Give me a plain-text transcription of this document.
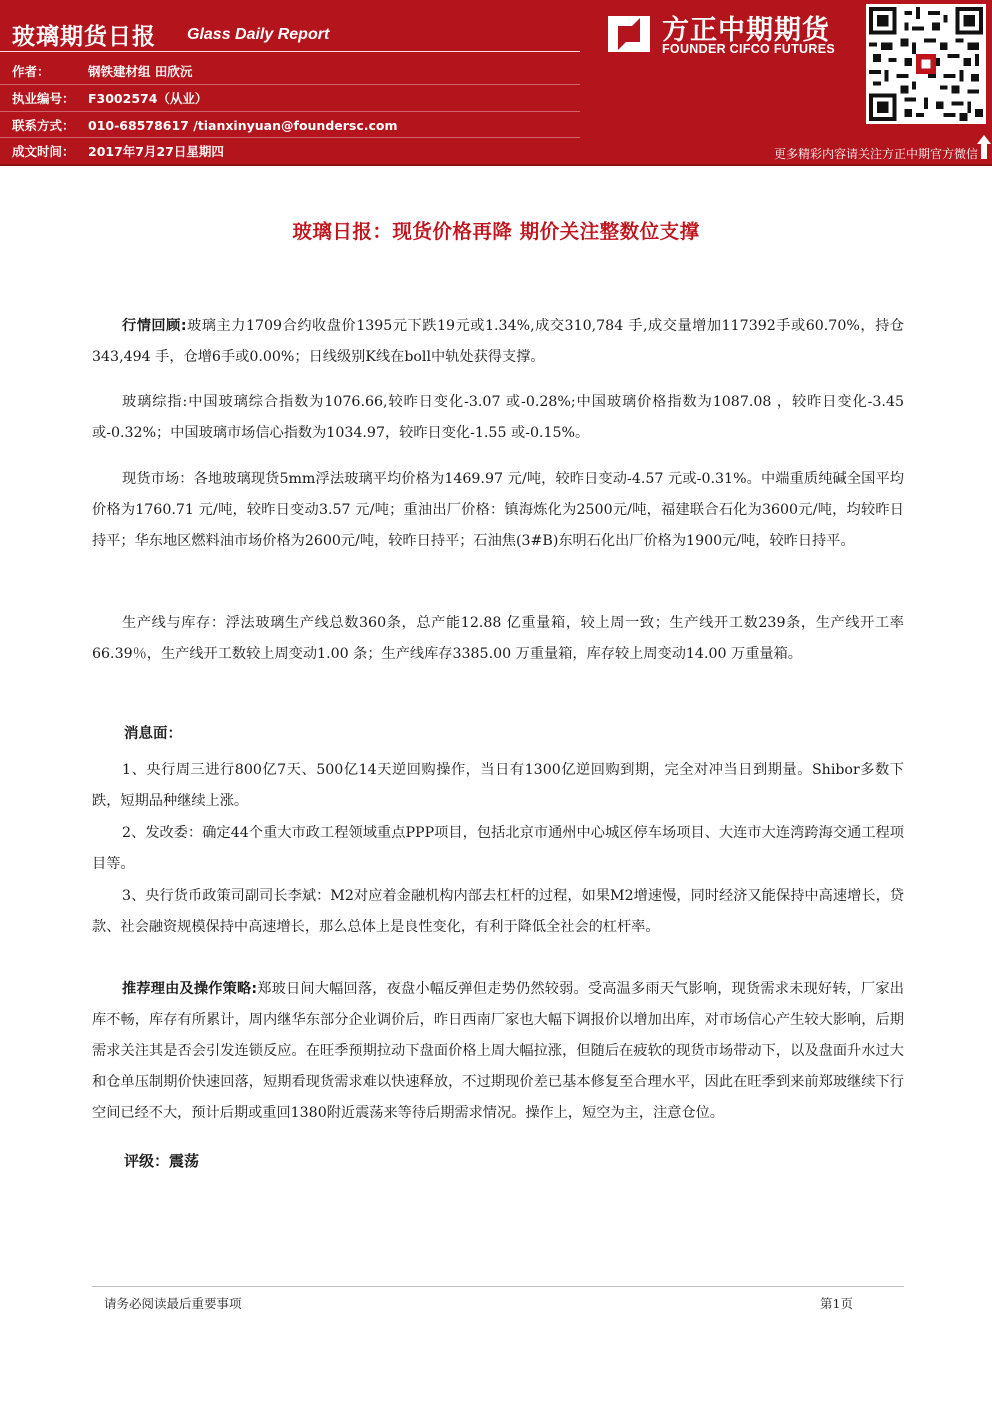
玻璃期货日报 Glass Daily Report
作者：	钢铁建材组 田欣沅
执业编号： F3002574（从业）
联系方式： 010-68578617 /tianxinyuan@foundersc.com
成文时间： 2017年7月27日星期四
方正中期期货
FOUNDER CIFCO FUTURES
更多精彩内容请关注方正中期官方微信
玻璃日报：现货价格再降 期价关注整数位支撑
行情回顾:玻璃主力1709合约收盘价1395元下跌19元或1.34%,成交310,784 手,成交量增加117392手或60.70%，持仓343,494 手，仓增6手或0.00%；日线级别K线在boll中轨处获得支撑。
玻璃综指:中国玻璃综合指数为1076.66,较昨日变化-3.07 或-0.28%;中国玻璃价格指数为1087.08 ，较昨日变化-3.45 或-0.32%；中国玻璃市场信心指数为1034.97，较昨日变化-1.55 或-0.15%。
现货市场：各地玻璃现货5mm浮法玻璃平均价格为1469.97 元/吨，较昨日变动-4.57 元或-0.31%。中端重质纯碱全国平均价格为1760.71 元/吨，较昨日变动3.57 元/吨；重油出厂价格：镇海炼化为2500元/吨，福建联合石化为3600元/吨，均较昨日持平；华东地区燃料油市场价格为2600元/吨，较昨日持平；石油焦(3#B)东明石化出厂价格为1900元/吨，较昨日持平。
生产线与库存：浮法玻璃生产线总数360条，总产能12.88 亿重量箱，较上周一致；生产线开工数239条，生产线开工率66.39％，生产线开工数较上周变动1.00 条；生产线库存3385.00 万重量箱，库存较上周变动14.00 万重量箱。
消息面：
1、央行周三进行800亿7天、500亿14天逆回购操作，当日有1300亿逆回购到期，完全对冲当日到期量。Shibor多数下跌，短期品种继续上涨。
2、发改委：确定44个重大市政工程领域重点PPP项目，包括北京市通州中心城区停车场项目、大连市大连湾跨海交通工程项目等。
3、央行货币政策司副司长李斌：M2对应着金融机构内部去杠杆的过程，如果M2增速慢，同时经济又能保持中高速增长，贷款、社会融资规模保持中高速增长，那么总体上是良性变化，有利于降低全社会的杠杆率。
推荐理由及操作策略:郑玻日间大幅回落，夜盘小幅反弹但走势仍然较弱。受高温多雨天气影响，现货需求未现好转，厂家出库不畅，库存有所累计，周内继华东部分企业调价后，昨日西南厂家也大幅下调报价以增加出库，对市场信心产生较大影响，后期需求关注其是否会引发连锁反应。在旺季预期拉动下盘面价格上周大幅拉涨，但随后在疲软的现货市场带动下，以及盘面升水过大和仓单压制期价快速回落，短期看现货需求难以快速释放，不过期现价差已基本修复至合理水平，因此在旺季到来前郑玻继续下行空间已经不大，预计后期或重回1380附近震荡来等待后期需求情况。操作上，短空为主，注意仓位。
评级：震荡
请务必阅读最后重要事项	第1页
